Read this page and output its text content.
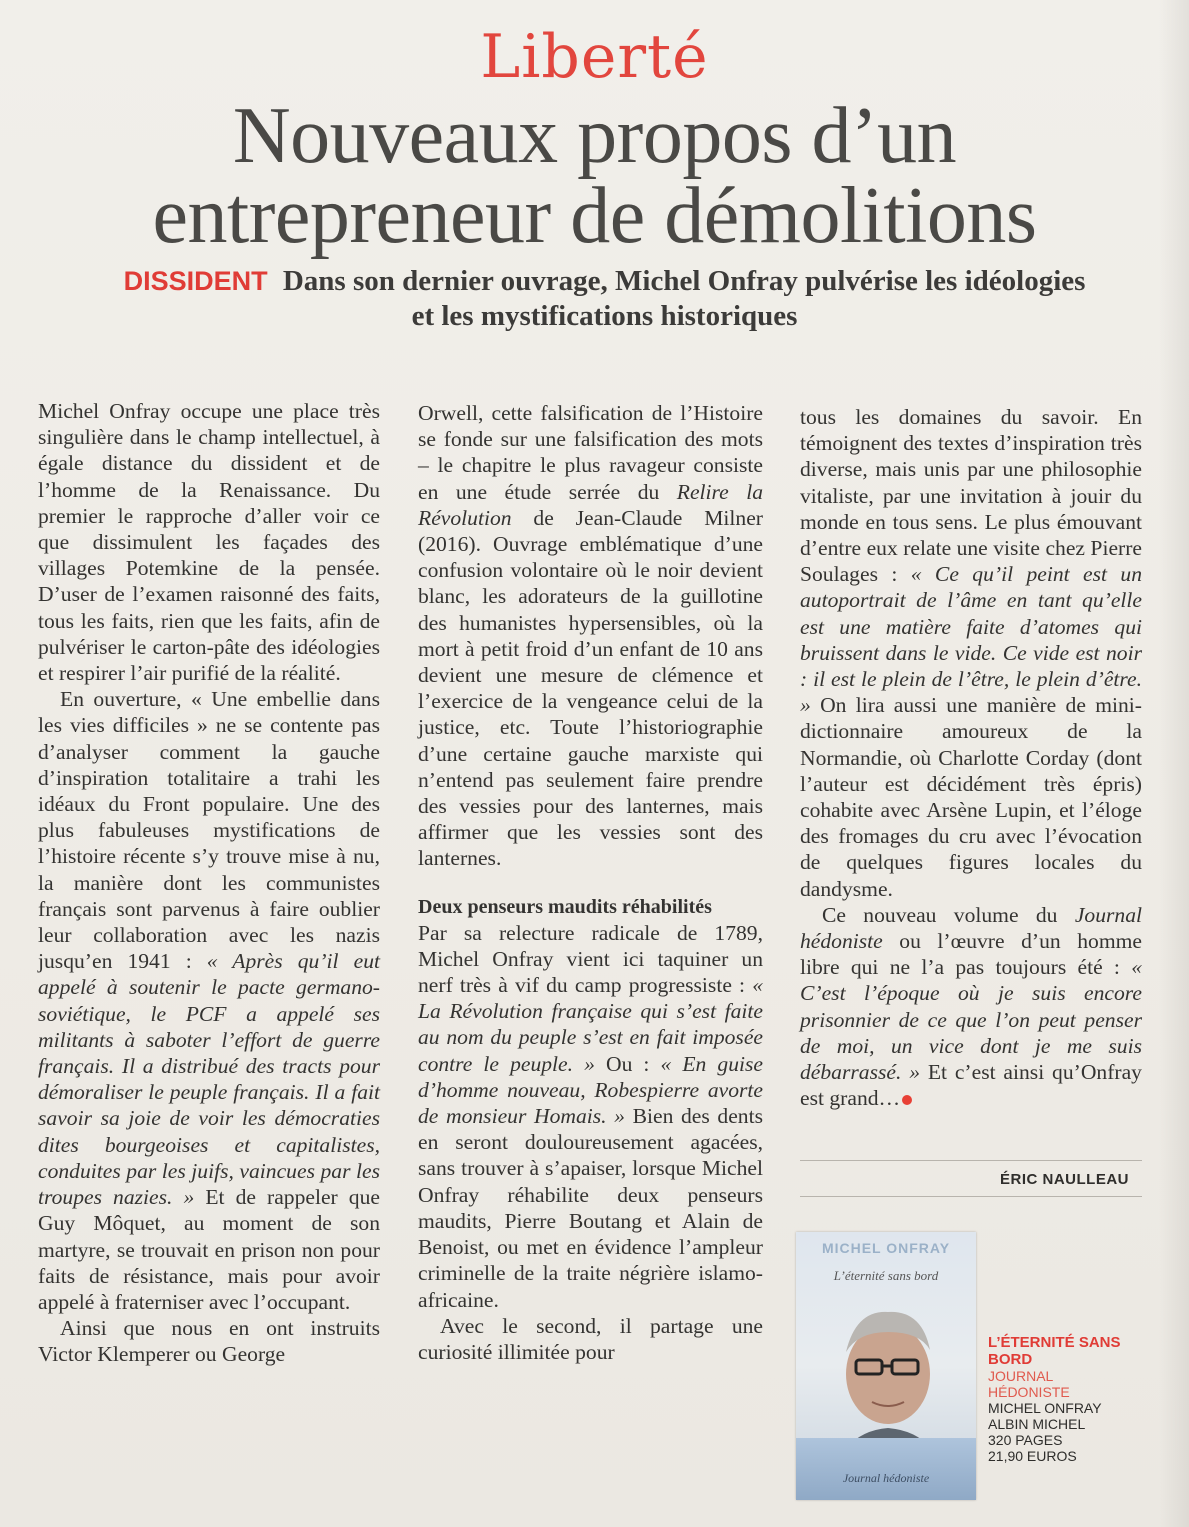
Liberté
Nouveaux propos d’un
entrepreneur de démolitions
DISSIDENT Dans son dernier ouvrage, Michel Onfray pulvérise les idéologies et les mystifications historiques

Michel Onfray occupe une place très singulière dans le champ intellectuel, à égale distance du dissident et de l’homme de la Renaissance. Du premier le rapproche d’aller voir ce que dissimulent les façades des villages Potemkine de la pensée. D’user de l’examen raisonné des faits, tous les faits, rien que les faits, afin de pulvériser le carton-pâte des idéologies et respirer l’air purifié de la réalité.

En ouverture, « Une embellie dans les vies difficiles » ne se contente pas d’analyser comment la gauche d’inspiration totalitaire a trahi les idéaux du Front populaire. Une des plus fabuleuses mystifications de l’histoire récente s’y trouve mise à nu, la manière dont les communistes français sont parvenus à faire oublier leur collaboration avec les nazis jusqu’en 1941 : « Après qu’il eut appelé à soutenir le pacte germano-soviétique, le PCF a appelé ses militants à saboter l’effort de guerre français. Il a distribué des tracts pour démoraliser le peuple français. Il a fait savoir sa joie de voir les démocraties dites bourgeoises et capitalistes, conduites par les juifs, vaincues par les troupes nazies. » Et de rappeler que Guy Môquet, au moment de son martyre, se trouvait en prison non pour faits de résistance, mais pour avoir appelé à fraterniser avec l’occupant.

Ainsi que nous en ont instruits Victor Klemperer ou George

Orwell, cette falsification de l’Histoire se fonde sur une falsification des mots – le chapitre le plus ravageur consiste en une étude serrée du Relire la Révolution de Jean-Claude Milner (2016). Ouvrage emblématique d’une confusion volontaire où le noir devient blanc, les adorateurs de la guillotine des humanistes hypersensibles, où la mort à petit froid d’un enfant de 10 ans devient une mesure de clémence et l’exercice de la vengeance celui de la justice, etc. Toute l’historiographie d’une certaine gauche marxiste qui n’entend pas seulement faire prendre des vessies pour des lanternes, mais affirmer que les vessies sont des lanternes.

Deux penseurs maudits réhabilités

Par sa relecture radicale de 1789, Michel Onfray vient ici taquiner un nerf très à vif du camp progressiste : « La Révolution française qui s’est faite au nom du peuple s’est en fait imposée contre le peuple. » Ou : « En guise d’homme nouveau, Robespierre avorte de monsieur Homais. » Bien des dents en seront douloureusement agacées, sans trouver à s’apaiser, lorsque Michel Onfray réhabilite deux penseurs maudits, Pierre Boutang et Alain de Benoist, ou met en évidence l’ampleur criminelle de la traite négrière islamo-africaine.

Avec le second, il partage une curiosité illimitée pour

tous les domaines du savoir. En témoignent des textes d’inspiration très diverse, mais unis par une philosophie vitaliste, par une invitation à jouir du monde en tous sens. Le plus émouvant d’entre eux relate une visite chez Pierre Soulages : « Ce qu’il peint est un autoportrait de l’âme en tant qu’elle est une matière faite d’atomes qui bruissent dans le vide. Ce vide est noir : il est le plein de l’être, le plein d’être. » On lira aussi une manière de mini-dictionnaire amoureux de la Normandie, où Charlotte Corday (dont l’auteur est décidément très épris) cohabite avec Arsène Lupin, et l’éloge des fromages du cru avec l’évocation de quelques figures locales du dandysme.

Ce nouveau volume du Journal hédoniste ou l’œuvre d’un homme libre qui ne l’a pas toujours été : « C’est l’époque où je suis encore prisonnier de ce que l’on peut penser de moi, un vice dont je me suis débarrassé. » Et c’est ainsi qu’Onfray est grand…

ÉRIC NAULLEAU
MICHEL ONFRAY
L’éternité sans bord
Journal hédoniste
L’ÉTERNITÉ SANS BORD
JOURNAL HÉDONISTE
MICHEL ONFRAY
ALBIN MICHEL
320 PAGES
21,90 EUROS
